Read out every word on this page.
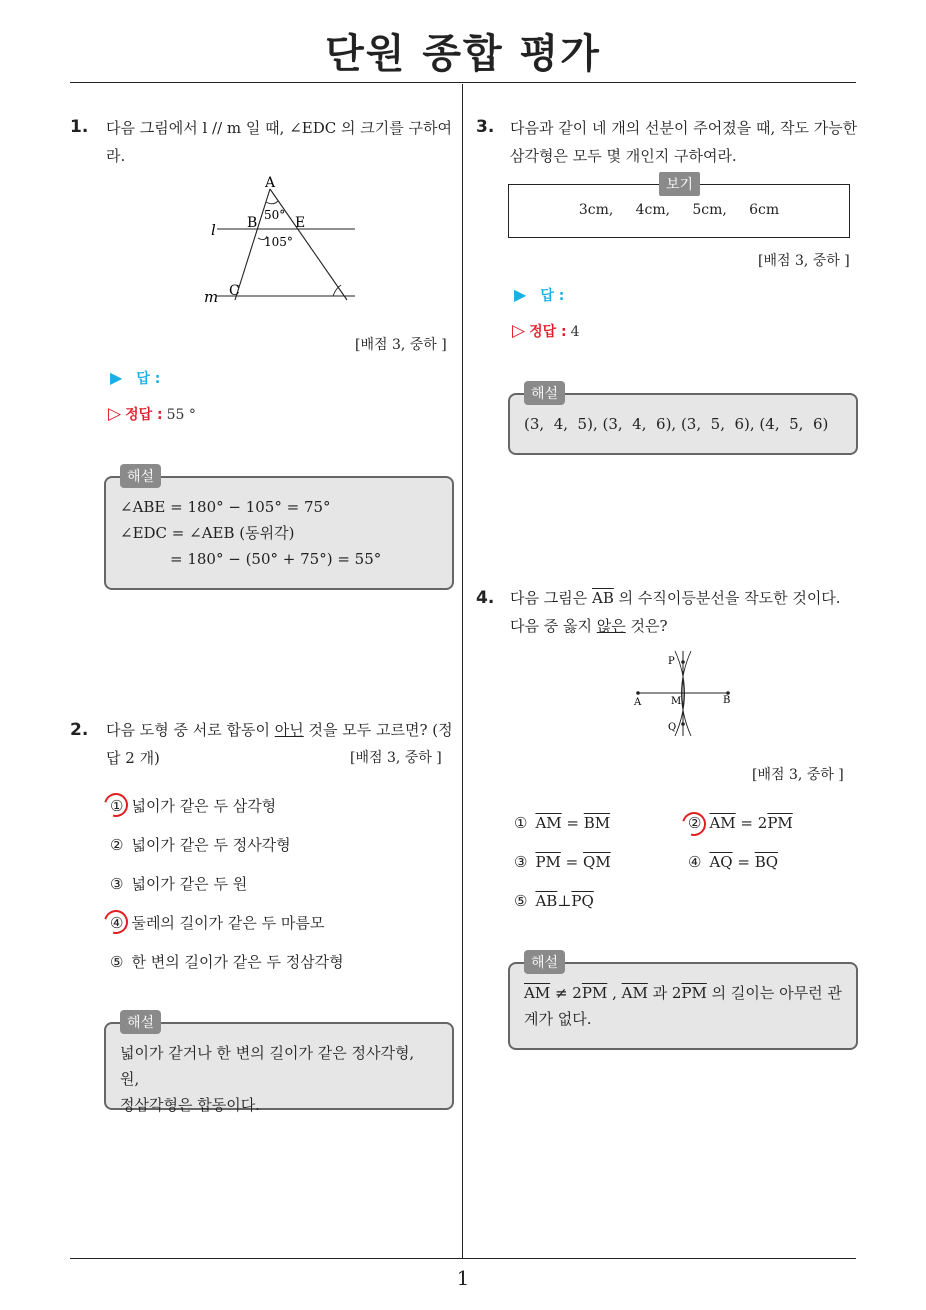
단원 종합 평가
1
1. 다음 그림에서 l // m 일 때, ∠EDC 의 크기를 구하여
라.
A
B	E
C
l
m
50°
105°
[배점 3, 중하 ]
▶ 답 :
▷ 정답 : 55 °
∠ABE = 180° − 105° = 75°
∠EDC = ∠AEB (동위각)
= 180° − (50° + 75°) = 55°
해설
2. 다음 도형 중 서로 합동이 아닌 것을 모두 고르면? (정
답 2 개)	[배점 3, 중하 ]
① 넓이가 같은 두 삼각형
② 넓이가 같은 두 정사각형
③ 넓이가 같은 두 원
④ 둘레의 길이가 같은 두 마름모
⑤ 한 변의 길이가 같은 두 정삼각형
넓이가 같거나 한 변의 길이가 같은 정사각형, 원,
정삼각형은 합동이다.
해설
3. 다음과 같이 네 개의 선분이 주어졌을 때, 작도 가능한
삼각형은 모두 몇 개인지 구하여라.
3cm,     4cm,     5cm,     6cm
보기
[배점 3, 중하 ]
▶ 답 :
▷ 정답 : 4
(3,  4,  5), (3,  4,  6), (3,  5,  6), (4,  5,  6)
해설
4. 다음 그림은 $\overline{AB}$ 의 수직이등분선을 작도한 것이다.
다음 중 옳지 않은 것은?
P
M
A	B
Q
[배점 3, 중하 ]
① $\overline{AM} = \overline{BM}$	② $\overline{AM} = 2\overline{PM}$
③ $\overline{PM} = \overline{QM}$	④ $\overline{AQ} = \overline{BQ}$
⑤ $\overline{AB}\perp\overline{PQ}$
$\overline{AM} \ne 2\overline{PM}$ , $\overline{AM}$ 과 $2\overline{PM}$ 의 길이는 아무런 관
계가 없다.
해설
